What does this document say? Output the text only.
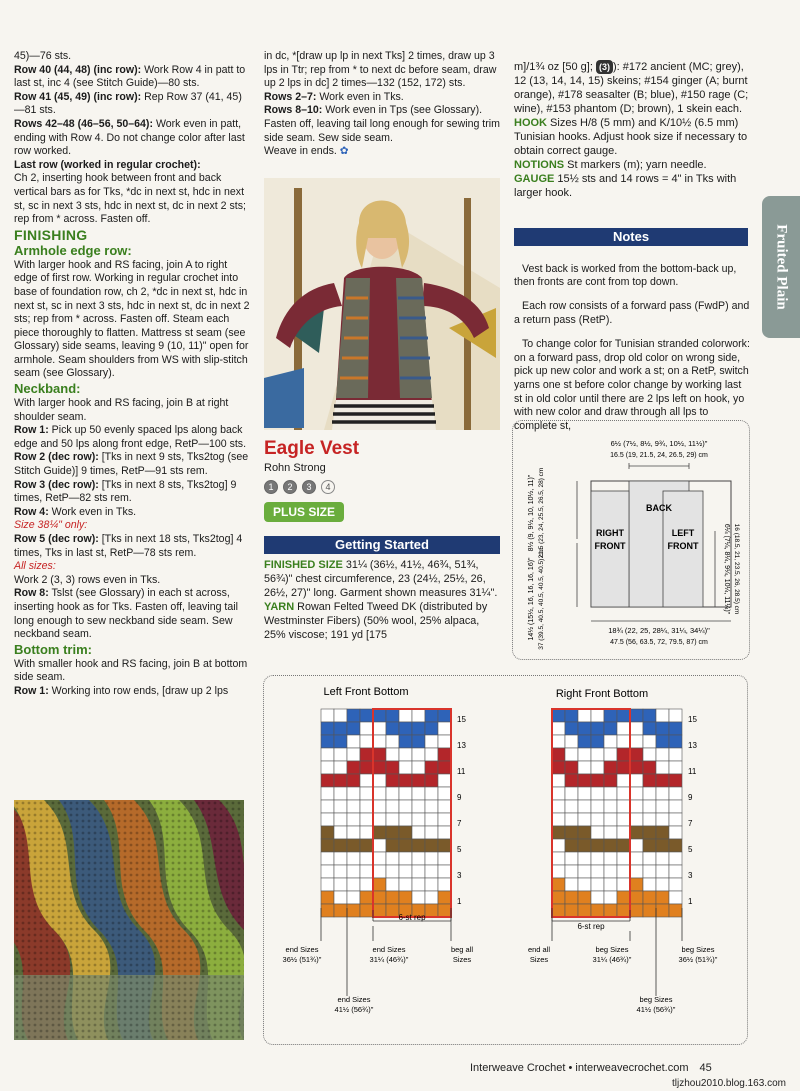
45)—76 sts.

Row 40 (44, 48) (inc row): Work Row 4 in patt to last st, inc 4 (see Stitch Guide)—80 sts.

Row 41 (45, 49) (inc row): Rep Row 37 (41, 45)—81 sts.

Rows 42–48 (46–56, 50–64): Work even in patt, ending with Row 4. Do not change color after last row worked.

Last row (worked in regular crochet):

Ch 2, inserting hook between front and back vertical bars as for Tks, *dc in next st, hdc in next st, sc in next 3 sts, hdc in next st, dc in next 2 sts; rep from * across. Fasten off.

FINISHING

Armhole edge row:

With larger hook and RS facing, join A to right edge of first row. Working in regular crochet into base of foundation row, ch 2, *dc in next st, hdc in next st, sc in next 3 sts, hdc in next st, dc in next 2 sts; rep from * across. Fasten off. Steam each piece thoroughly to flatten. Mattress st seam (see Glossary) side seams, leaving 9 (10, 11)" open for armhole. Seam shoulders from WS with slip-stitch seam (see Glossary).

Neckband:

With larger hook and RS facing, join B at right shoulder seam.

Row 1: Pick up 50 evenly spaced lps along back edge and 50 lps along front edge, RetP—100 sts.

Row 2 (dec row): [Tks in next 9 sts, Tks2tog (see Stitch Guide)] 9 times, RetP—91 sts rem.

Row 3 (dec row): [Tks in next 8 sts, Tks2tog] 9 times, RetP—82 sts rem.

Row 4: Work even in Tks.

Size 38¼" only:

Row 5 (dec row): [Tks in next 18 sts, Tks2tog] 4 times, Tks in last st, RetP—78 sts rem.

All sizes:

Work 2 (3, 3) rows even in Tks.

Row 8: Tslst (see Glossary) in each st across, inserting hook as for Tks. Fasten off, leaving tail long enough to sew neckband side seam. Sew neckband seam.

Bottom trim:

With smaller hook and RS facing, join B at bottom side seam.

Row 1: Working into row ends, [draw up 2 lps

in dc, *[draw up lp in next Tks] 2 times, draw up 3 lps in Ttr; rep from * to next dc before seam, draw up 2 lps in dc] 2 times—132 (152, 172) sts.

Rows 2–7: Work even in Tks.

Rows 8–10: Work even in Tps (see Glossary). Fasten off, leaving tail long enough for sewing trim side seam. Sew side seam.

Weave in ends. ✿

Eagle Vest
Rohn Strong
1	2	3	4
PLUS SIZE
Getting Started
FINISHED SIZE 31¼ (36½, 41½, 46¾, 51¾, 56¾)" chest circumference, 23 (24½, 25½, 26, 26½, 27)" long. Garment shown measures 31¼".
YARN Rowan Felted Tweed DK (distributed by Westminster Fibers) (50% wool, 25% alpaca, 25% viscose; 191 yd [175

m]/1¾ oz [50 g]; (3) ): #172 ancient (MC; grey), 12 (13, 14, 14, 15) skeins; #154 ginger (A; burnt orange), #178 seasalter (B; blue), #150 rage (C; wine), #153 phantom (D; brown), 1 skein each.

HOOK Sizes H/8 (5 mm) and K/10½ (6.5 mm) Tunisian hooks. Adjust hook size if necessary to obtain correct gauge.

NOTIONS St markers (m); yarn needle.

GAUGE 15½ sts and 14 rows = 4" in Tks with larger hook.

Notes

Vest back is worked from the bottom-back up, then fronts are cont from top down.

Each row consists of a forward pass (FwdP) and a return pass (RetP).

To change color for Tunisian stranded colorwork: on a forward pass, drop old color on wrong side, pick up new color and work a st; on a RetP, switch yarns one st before color change by working last st in old color until there are 2 lps left on hook, yo with new color and draw through all lps to complete st,

Fruited Plain
6½ (7½, 8½, 9¾, 10½, 11½)"
16.5 (19, 21.5, 24, 26.5, 29) cm
BACK
RIGHT
FRONT
LEFT
FRONT
8½ (9, 9½, 10, 10½, 11)" 21.5 (23, 24, 25.5, 26.5, 28) cm
14½ (15½, 16, 16, 16, 16)" 37 (39.5, 40.5, 40.5, 40.5, 40.5) cm	6¼ (7¼, 8¼, 9¼, 10¼, 11¼)" 16 (18.5, 21, 23.5, 26, 28.5) cm
18¾ (22, 25, 28¼, 31¼, 34¼)"
47.5 (56, 63.5, 72, 79.5, 87) cm
Left Front Bottom	Right Front Bottom
15
13
11
9
7
5
3
1
15
13
11
9
7
5
3
1
6-st rep
end Sizes
36½ (51¾)"
end Sizes
31¼ (46¾)"
beg all
Sizes
end Sizes
41½ (56¾)"
6-st rep
end all
Sizes
beg Sizes
31¼ (46¾)"
beg Sizes
36½ (51¾)"
beg Sizes
41½ (56¾)"
Interweave Crochet • interweavecrochet.com 45
tljzhou2010.blog.163.com
